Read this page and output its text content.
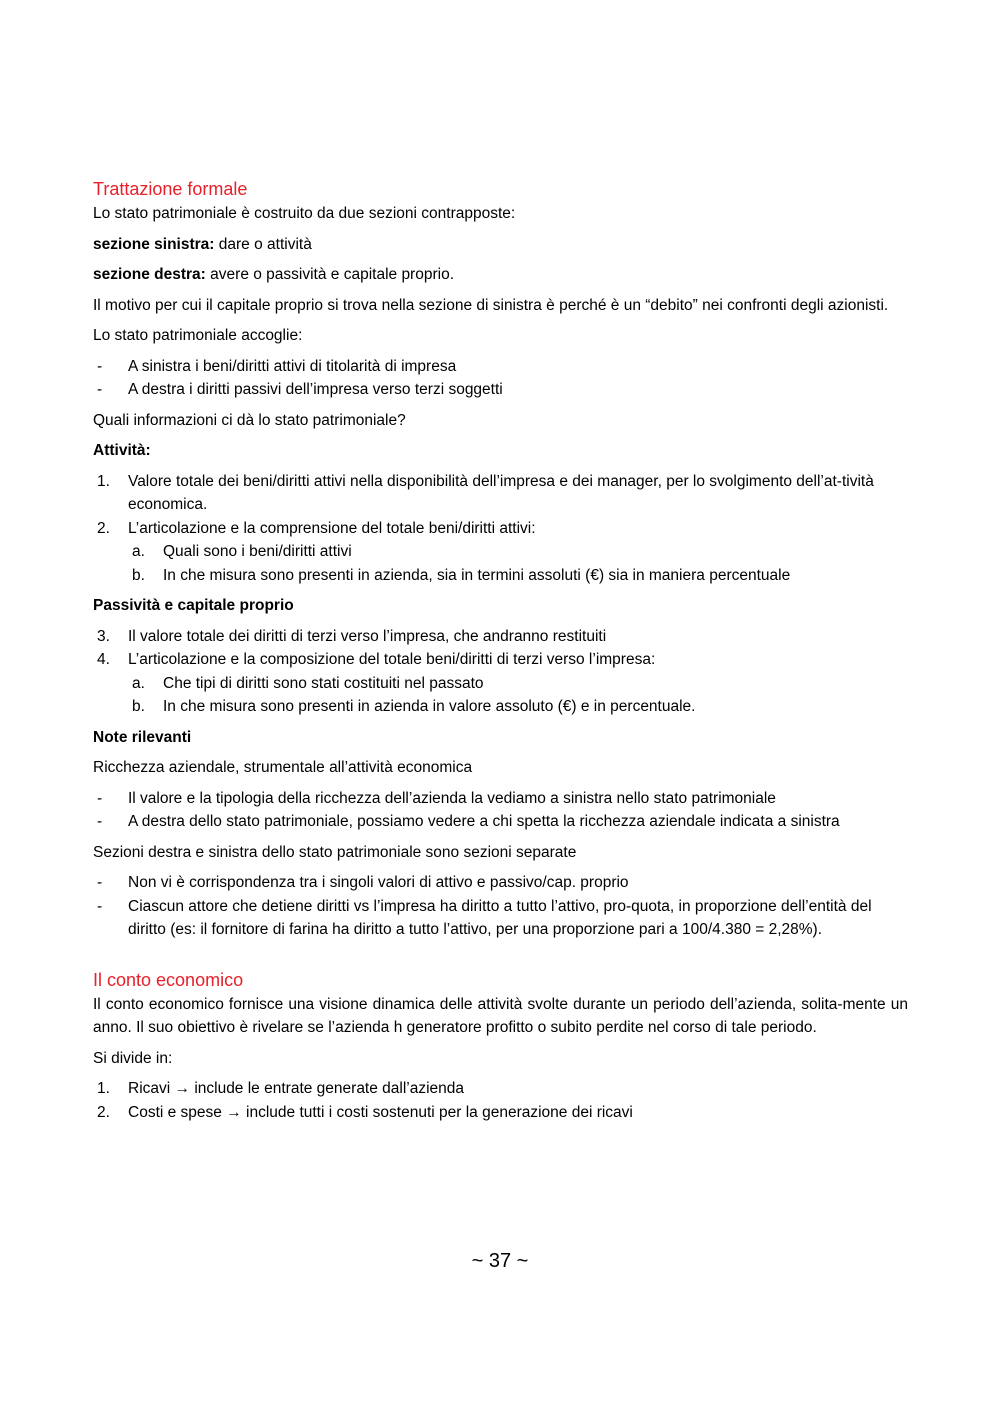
Trattazione formale

Lo stato patrimoniale è costruito da due sezioni contrapposte:

sezione sinistra: dare o attività

sezione destra: avere o passività e capitale proprio.

Il motivo per cui il capitale proprio si trova nella sezione di sinistra è perché è un “debito” nei confronti degli azionisti.

Lo stato patrimoniale accoglie:

-	A sinistra i beni/diritti attivi di titolarità di impresa
-	A destra i diritti passivi dell’impresa verso terzi soggetti

Quali informazioni ci dà lo stato patrimoniale?

Attività:

1.	Valore totale dei beni/diritti attivi nella disponibilità dell’impresa e dei manager, per lo svolgimento dell’at-tività economica.
2.	L’articolazione e la comprensione del totale beni/diritti attivi:
a.	Quali sono i beni/diritti attivi
b.	In che misura sono presenti in azienda, sia in termini assoluti (€) sia in maniera percentuale

Passività e capitale proprio

3.	Il valore totale dei diritti di terzi verso l’impresa, che andranno restituiti
4.	L’articolazione e la composizione del totale beni/diritti di terzi verso l’impresa:
a.	Che tipi di diritti sono stati costituiti nel passato
b.	In che misura sono presenti in azienda in valore assoluto (€) e in percentuale.

Note rilevanti

Ricchezza aziendale, strumentale all’attività economica

-	Il valore e la tipologia della ricchezza dell’azienda la vediamo a sinistra nello stato patrimoniale
-	A destra dello stato patrimoniale, possiamo vedere a chi spetta la ricchezza aziendale indicata a sinistra

Sezioni destra e sinistra dello stato patrimoniale sono sezioni separate

-	Non vi è corrispondenza tra i singoli valori di attivo e passivo/cap. proprio
-	Ciascun attore che detiene diritti vs l’impresa ha diritto a tutto l’attivo, pro-quota, in proporzione dell’entità del diritto (es: il fornitore di farina ha diritto a tutto l’attivo, per una proporzione pari a 100/4.380 = 2,28%).
Il conto economico

Il conto economico fornisce una visione dinamica delle attività svolte durante un periodo dell’azienda, solita-mente un anno. Il suo obiettivo è rivelare se l’azienda h generatore profitto o subito perdite nel corso di tale periodo.

Si divide in:

1.	Ricavi → include le entrate generate dall’azienda
2.	Costi e spese → include tutti i costi sostenuti per la generazione dei ricavi
~ 37 ~
